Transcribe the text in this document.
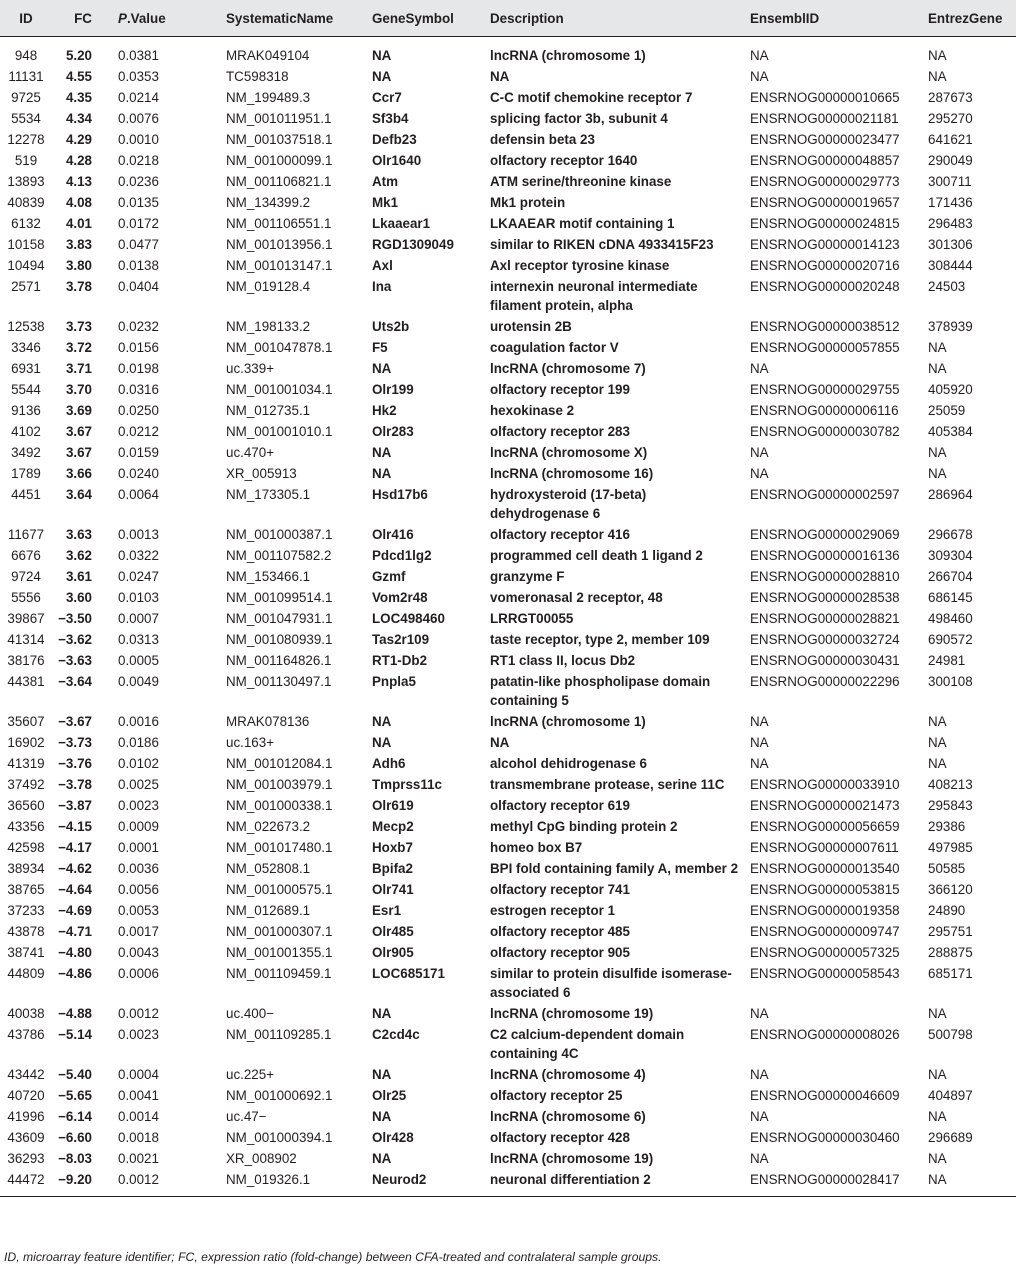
ID	FC	P.Value	SystematicName	GeneSymbol	Description	EnsemblID	EntrezGene
948	5.20	0.0381	MRAK049104	NA	lncRNA (chromosome 1)	NA	NA
11131	4.55	0.0353	TC598318	NA	NA	NA	NA
9725	4.35	0.0214	NM_199489.3	Ccr7	C-C motif chemokine receptor 7	ENSRNOG00000010665	287673
5534	4.34	0.0076	NM_001011951.1	Sf3b4	splicing factor 3b, subunit 4	ENSRNOG00000021181	295270
12278	4.29	0.0010	NM_001037518.1	Defb23	defensin beta 23	ENSRNOG00000023477	641621
519	4.28	0.0218	NM_001000099.1	Olr1640	olfactory receptor 1640	ENSRNOG00000048857	290049
13893	4.13	0.0236	NM_001106821.1	Atm	ATM serine/threonine kinase	ENSRNOG00000029773	300711
40839	4.08	0.0135	NM_134399.2	Mk1	Mk1 protein	ENSRNOG00000019657	171436
6132	4.01	0.0172	NM_001106551.1	Lkaaear1	LKAAEAR motif containing 1	ENSRNOG00000024815	296483
10158	3.83	0.0477	NM_001013956.1	RGD1309049	similar to RIKEN cDNA 4933415F23	ENSRNOG00000014123	301306
10494	3.80	0.0138	NM_001013147.1	Axl	Axl receptor tyrosine kinase	ENSRNOG00000020716	308444
2571	3.78	0.0404	NM_019128.4	Ina	internexin neuronal intermediate filament protein, alpha	ENSRNOG00000020248	24503
12538	3.73	0.0232	NM_198133.2	Uts2b	urotensin 2B	ENSRNOG00000038512	378939
3346	3.72	0.0156	NM_001047878.1	F5	coagulation factor V	ENSRNOG00000057855	NA
6931	3.71	0.0198	uc.339+	NA	lncRNA (chromosome 7)	NA	NA
5544	3.70	0.0316	NM_001001034.1	Olr199	olfactory receptor 199	ENSRNOG00000029755	405920
9136	3.69	0.0250	NM_012735.1	Hk2	hexokinase 2	ENSRNOG00000006116	25059
4102	3.67	0.0212	NM_001001010.1	Olr283	olfactory receptor 283	ENSRNOG00000030782	405384
3492	3.67	0.0159	uc.470+	NA	lncRNA (chromosome X)	NA	NA
1789	3.66	0.0240	XR_005913	NA	lncRNA (chromosome 16)	NA	NA
4451	3.64	0.0064	NM_173305.1	Hsd17b6	hydroxysteroid (17-beta) dehydrogenase 6	ENSRNOG00000002597	286964
11677	3.63	0.0013	NM_001000387.1	Olr416	olfactory receptor 416	ENSRNOG00000029069	296678
6676	3.62	0.0322	NM_001107582.2	Pdcd1lg2	programmed cell death 1 ligand 2	ENSRNOG00000016136	309304
9724	3.61	0.0247	NM_153466.1	Gzmf	granzyme F	ENSRNOG00000028810	266704
5556	3.60	0.0103	NM_001099514.1	Vom2r48	vomeronasal 2 receptor, 48	ENSRNOG00000028538	686145
39867	−3.50	0.0007	NM_001047931.1	LOC498460	LRRGT00055	ENSRNOG00000028821	498460
41314	−3.62	0.0313	NM_001080939.1	Tas2r109	taste receptor, type 2, member 109	ENSRNOG00000032724	690572
38176	−3.63	0.0005	NM_001164826.1	RT1-Db2	RT1 class II, locus Db2	ENSRNOG00000030431	24981
44381	−3.64	0.0049	NM_001130497.1	Pnpla5	patatin-like phospholipase domain containing 5	ENSRNOG00000022296	300108
35607	−3.67	0.0016	MRAK078136	NA	lncRNA (chromosome 1)	NA	NA
16902	−3.73	0.0186	uc.163+	NA	NA	NA	NA
41319	−3.76	0.0102	NM_001012084.1	Adh6	alcohol dehidrogenase 6	NA	NA
37492	−3.78	0.0025	NM_001003979.1	Tmprss11c	transmembrane protease, serine 11C	ENSRNOG00000033910	408213
36560	−3.87	0.0023	NM_001000338.1	Olr619	olfactory receptor 619	ENSRNOG00000021473	295843
43356	−4.15	0.0009	NM_022673.2	Mecp2	methyl CpG binding protein 2	ENSRNOG00000056659	29386
42598	−4.17	0.0001	NM_001017480.1	Hoxb7	homeo box B7	ENSRNOG00000007611	497985
38934	−4.62	0.0036	NM_052808.1	Bpifa2	BPI fold containing family A, member 2	ENSRNOG00000013540	50585
38765	−4.64	0.0056	NM_001000575.1	Olr741	olfactory receptor 741	ENSRNOG00000053815	366120
37233	−4.69	0.0053	NM_012689.1	Esr1	estrogen receptor 1	ENSRNOG00000019358	24890
43878	−4.71	0.0017	NM_001000307.1	Olr485	olfactory receptor 485	ENSRNOG00000009747	295751
38741	−4.80	0.0043	NM_001001355.1	Olr905	olfactory receptor 905	ENSRNOG00000057325	288875
44809	−4.86	0.0006	NM_001109459.1	LOC685171	similar to protein disulfide isomerase-associated 6	ENSRNOG00000058543	685171
40038	−4.88	0.0012	uc.400−	NA	lncRNA (chromosome 19)	NA	NA
43786	−5.14	0.0023	NM_001109285.1	C2cd4c	C2 calcium-dependent domain containing 4C	ENSRNOG00000008026	500798
43442	−5.40	0.0004	uc.225+	NA	lncRNA (chromosome 4)	NA	NA
40720	−5.65	0.0041	NM_001000692.1	Olr25	olfactory receptor 25	ENSRNOG00000046609	404897
41996	−6.14	0.0014	uc.47−	NA	lncRNA (chromosome 6)	NA	NA
43609	−6.60	0.0018	NM_001000394.1	Olr428	olfactory receptor 428	ENSRNOG00000030460	296689
36293	−8.03	0.0021	XR_008902	NA	lncRNA (chromosome 19)	NA	NA
44472	−9.20	0.0012	NM_019326.1	Neurod2	neuronal differentiation 2	ENSRNOG00000028417	NA
ID, microarray feature identifier; FC, expression ratio (fold-change) between CFA-treated and contralateral sample groups.
